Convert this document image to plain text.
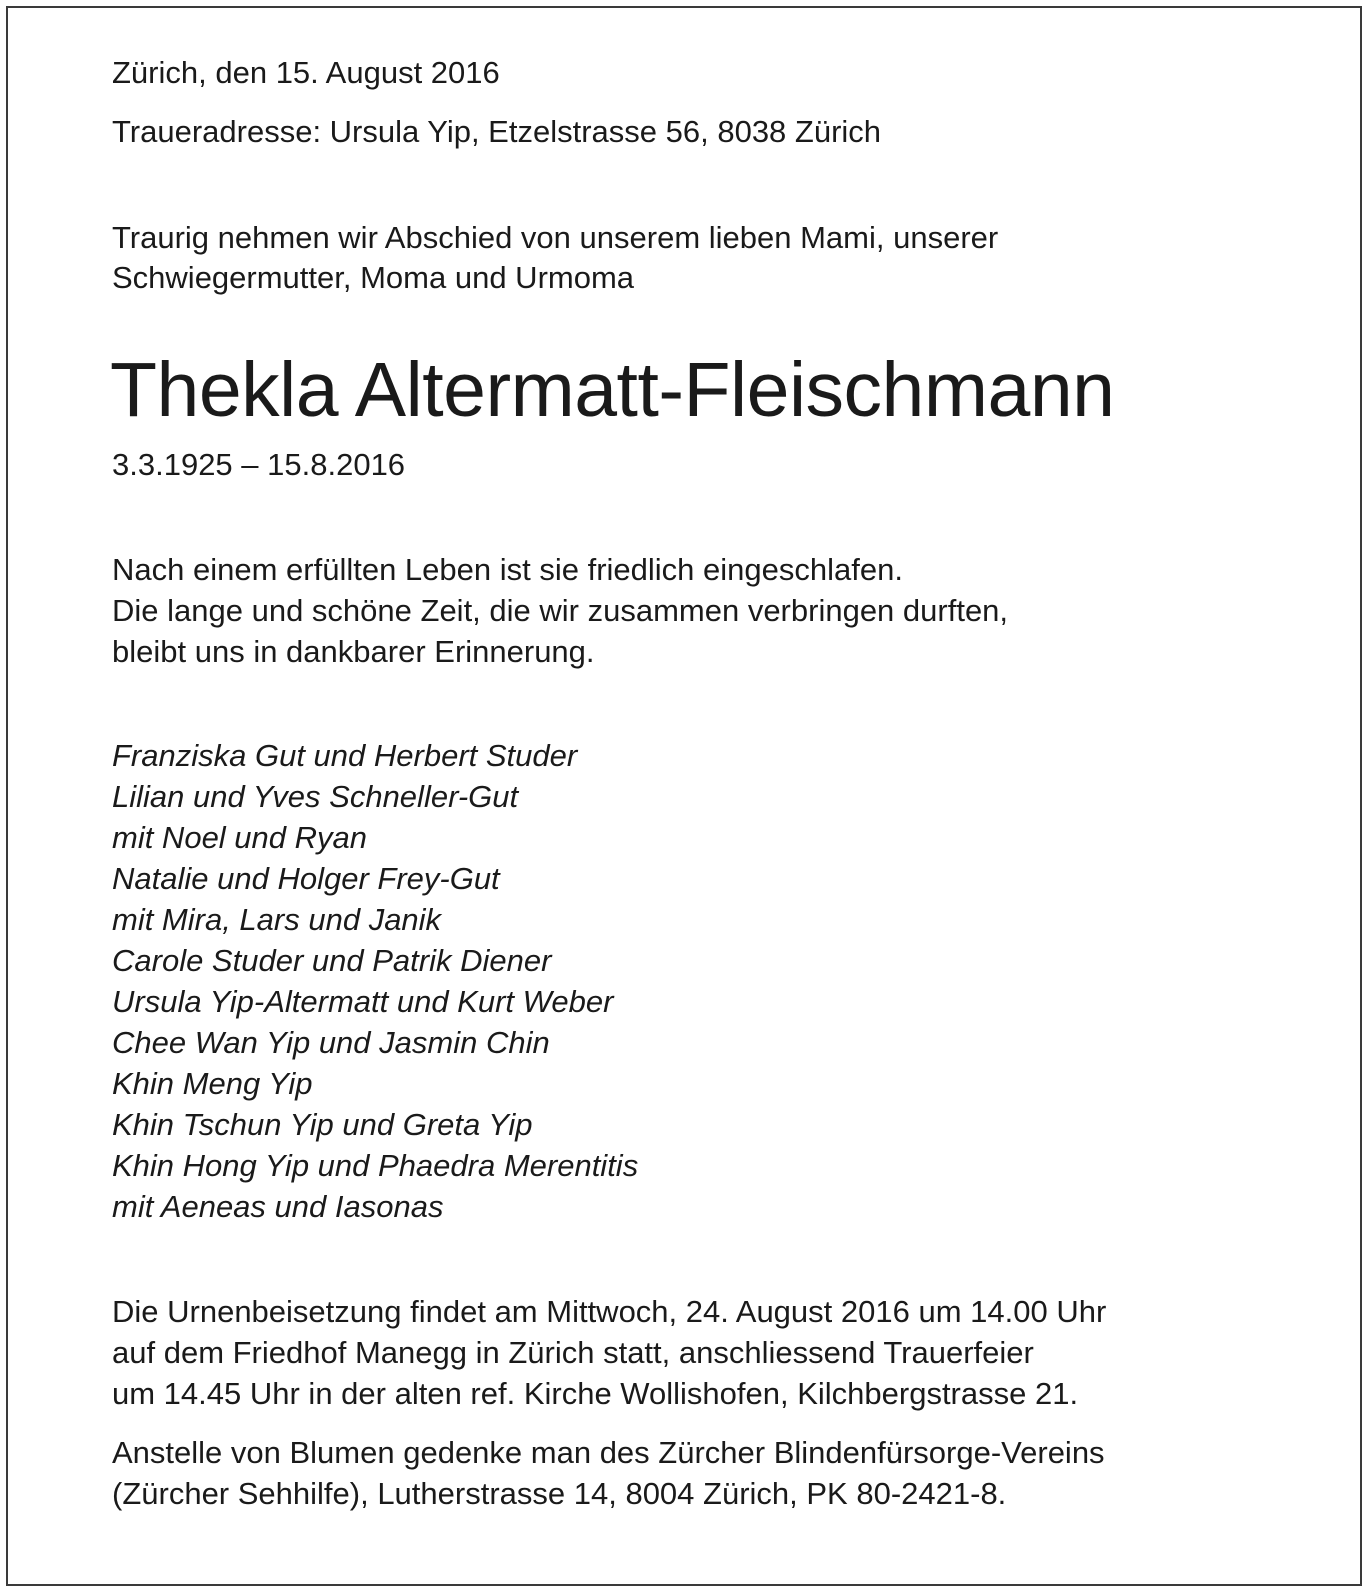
Zürich, den 15. August 2016

Traueradresse: Ursula Yip, Etzelstrasse 56, 8038 Zürich

Traurig nehmen wir Abschied von unserem lieben Mami, unserer

Schwiegermutter, Moma und Urmoma

Thekla Altermatt-Fleischmann

3.3.1925 – 15.8.2016

Nach einem erfüllten Leben ist sie friedlich eingeschlafen.

Die lange und schöne Zeit, die wir zusammen verbringen durften,

bleibt uns in dankbarer Erinnerung.

Franziska Gut und Herbert Studer

Lilian und Yves Schneller-Gut

mit Noel und Ryan

Natalie und Holger Frey-Gut

mit Mira, Lars und Janik

Carole Studer und Patrik Diener

Ursula Yip-Altermatt und Kurt Weber

Chee Wan Yip und Jasmin Chin

Khin Meng Yip

Khin Tschun Yip und Greta Yip

Khin Hong Yip und Phaedra Merentitis

mit Aeneas und Iasonas

Die Urnenbeisetzung findet am Mittwoch, 24. August 2016 um 14.00 Uhr

auf dem Friedhof Manegg in Zürich statt, anschliessend Trauerfeier

um 14.45 Uhr in der alten ref. Kirche Wollishofen, Kilchbergstrasse 21.

Anstelle von Blumen gedenke man des Zürcher Blindenfürsorge-Vereins

(Zürcher Sehhilfe), Lutherstrasse 14, 8004 Zürich, PK 80-2421-8.
